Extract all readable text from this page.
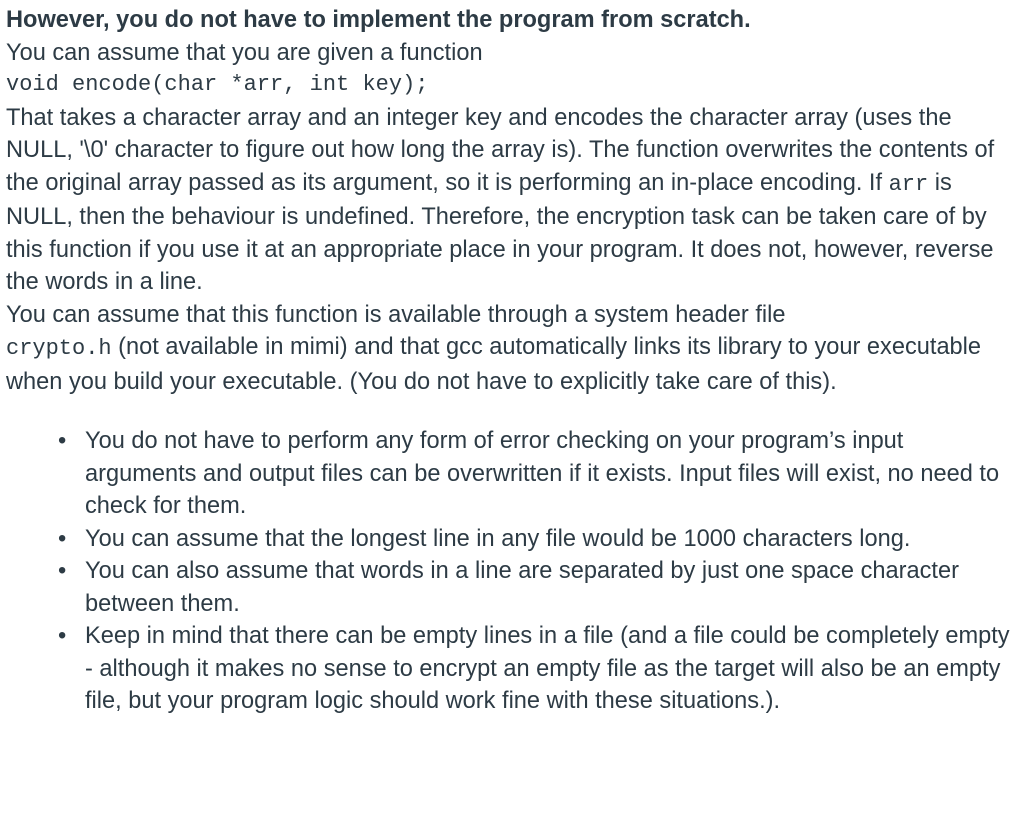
However, you do not have to implement the program from scratch.

You can assume that you are given a function

void encode(char *arr, int key);

That takes a character array and an integer key and encodes the character array (uses the NULL, '\0' character to figure out how long the array is). The function overwrites the contents of the original array passed as its argument, so it is performing an in-place encoding. If arr is NULL, then the behaviour is undefined. Therefore, the encryption task can be taken care of by this function if you use it at an appropriate place in your program. It does not, however, reverse the words in a line.

You can assume that this function is available through a system header file
crypto.h (not available in mimi) and that gcc automatically links its library to your executable when you build your executable. (You do not have to explicitly take care of this).

• You do not have to perform any form of error checking on your program’s input arguments and output files can be overwritten if it exists. Input files will exist, no need to check for them.
• You can assume that the longest line in any file would be 1000 characters long.
• You can also assume that words in a line are separated by just one space character between them.
• Keep in mind that there can be empty lines in a file (and a file could be completely empty - although it makes no sense to encrypt an empty file as the target will also be an empty file, but your program logic should work fine with these situations.).
